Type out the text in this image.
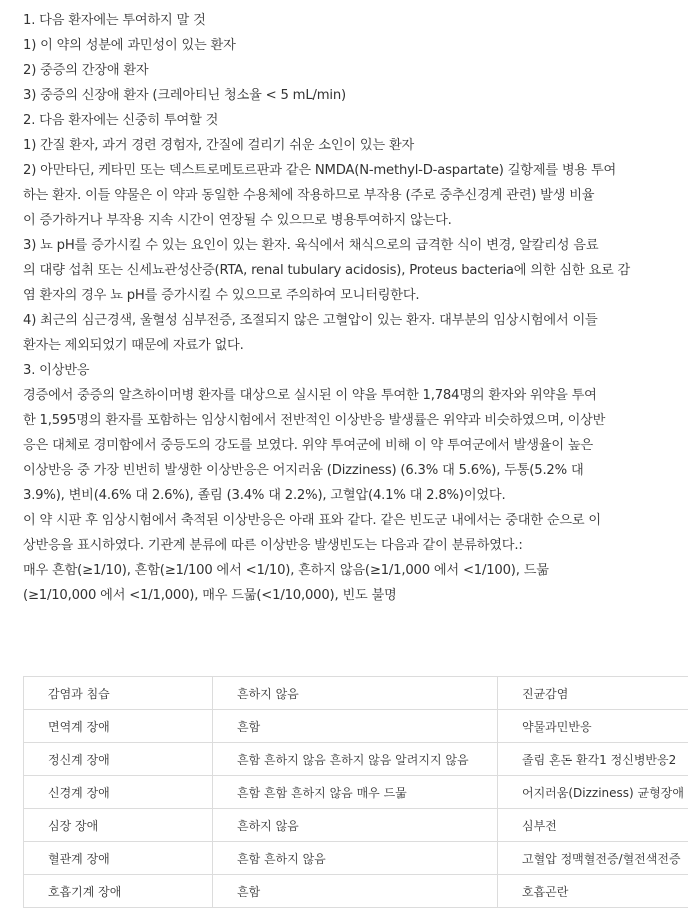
1. 다음 환자에는 투여하지 말 것
1) 이 약의 성분에 과민성이 있는 환자
2) 중증의 간장애 환자
3) 중증의 신장애 환자 (크레아티닌 청소율 < 5 mL/min)
2. 다음 환자에는 신중히 투여할 것
1) 간질 환자, 과거 경련 경험자, 간질에 걸리기 쉬운 소인이 있는 환자
2) 아만타딘, 케타민 또는 덱스트로메토르판과 같은 NMDA(N-methyl-D-aspartate) 길항제를 병용 투여
하는 환자. 이들 약물은 이 약과 동일한 수용체에 작용하므로 부작용 (주로 중추신경계 관련) 발생 비율
이 증가하거나 부작용 지속 시간이 연장될 수 있으므로 병용투여하지 않는다.
3) 뇨 pH를 증가시킬 수 있는 요인이 있는 환자. 육식에서 채식으로의 급격한 식이 변경, 알칼리성 음료
의 대량 섭취 또는 신세뇨관성산증(RTA, renal tubulary acidosis), Proteus bacteria에 의한 심한 요로 감
염 환자의 경우 뇨 pH를 증가시킬 수 있으므로 주의하여 모니터링한다.
4) 최근의 심근경색, 울혈성 심부전증, 조절되지 않은 고혈압이 있는 환자. 대부분의 임상시험에서 이들
환자는 제외되었기 때문에 자료가 없다.
3. 이상반응
경증에서 중증의 알츠하이머병 환자를 대상으로 실시된 이 약을 투여한 1,784명의 환자와 위약을 투여
한 1,595명의 환자를 포함하는 임상시험에서 전반적인 이상반응 발생률은 위약과 비슷하였으며, 이상반
응은 대체로 경미함에서 중등도의 강도를 보였다. 위약 투여군에 비해 이 약 투여군에서 발생율이 높은
이상반응 중 가장 빈번히 발생한 이상반응은 어지러움 (Dizziness) (6.3% 대 5.6%), 두통(5.2% 대
3.9%), 변비(4.6% 대 2.6%), 졸림 (3.4% 대 2.2%), 고혈압(4.1% 대 2.8%)이었다.
이 약 시판 후 임상시험에서 축적된 이상반응은 아래 표와 같다. 같은 빈도군 내에서는 중대한 순으로 이
상반응을 표시하였다. 기관계 분류에 따른 이상반응 발생빈도는 다음과 같이 분류하였다.:
매우 흔함(≥1/10), 흔함(≥1/100 에서 <1/10), 흔하지 않음(≥1/1,000 에서 <1/100), 드묾
(≥1/10,000 에서 <1/1,000), 매우 드묾(<1/10,000), 빈도 불명
감염과 침습	흔하지 않음	진균감염
면역계 장애	흔함	약물과민반응
정신계 장애	흔함 흔하지 않음 흔하지 않음 알려지지 않음	졸림 혼돈 환각1 정신병반응2
신경계 장애	흔함 흔함 흔하지 않음 매우 드묾	어지러움(Dizziness) 균형장애
심장 장애	흔하지 않음	심부전
혈관계 장애	흔함 흔하지 않음	고혈압 정맥혈전증/혈전색전증
호흡기계 장애	흔함	호흡곤란
